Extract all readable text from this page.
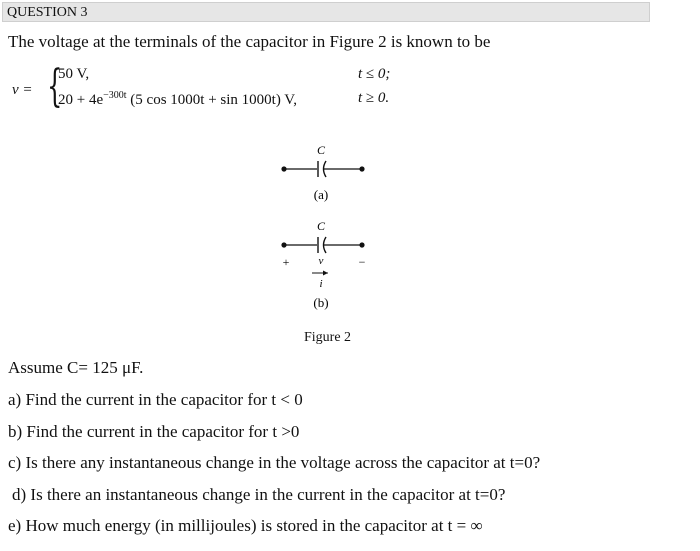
QUESTION 3
The voltage at the terminals of the capacitor in Figure 2 is known to be
v = {
50 V,
$20 + 4e^{-300t}$ (5 cos 1000t + sin 1000t) V,
t ≤ 0;
t ≥ 0.
C
(a)
C
+	v	−
i
(b)
Figure 2
Assume C= 125 μF.
a) Find the current in the capacitor for t < 0
b) Find the current in the capacitor for t >0
c) Is there any instantaneous change in the voltage across the capacitor at t=0?
d) Is there an instantaneous change in the current in the capacitor at t=0?
e) How much energy (in millijoules) is stored in the capacitor at t = ∞
